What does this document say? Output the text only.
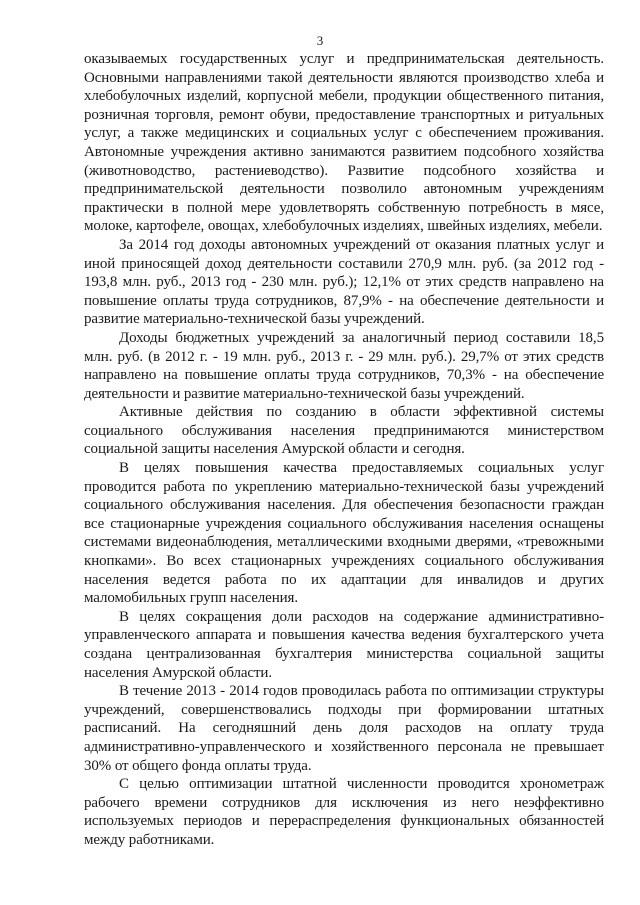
3

оказываемых государственных услуг и предпринимательская деятельность. Основными направлениями такой деятельности являются производство хлеба и хлебобулочных изделий, корпусной мебели, продукции общественного питания, розничная торговля, ремонт обуви, предоставление транспортных и ритуальных услуг, а также медицинских и социальных услуг с обеспечением проживания. Автономные учреждения активно занимаются развитием подсобного хозяйства (животноводство, растениеводство). Развитие подсобного хозяйства и предпринимательской деятельности позволило автономным учреждениям практически в полной мере удовлетворять собственную потребность в мясе, молоке, картофеле, овощах, хлебобулочных изделиях, швейных изделиях, мебели.

За 2014 год доходы автономных учреждений от оказания платных услуг и иной приносящей доход деятельности составили 270,9 млн. руб. (за 2012 год - 193,8 млн. руб., 2013 год - 230 млн. руб.); 12,1% от этих средств направлено на повышение оплаты труда сотрудников, 87,9% - на обеспечение деятельности и развитие материально-технической базы учреждений.

Доходы бюджетных учреждений за аналогичный период составили 18,5 млн. руб. (в 2012 г. - 19 млн. руб., 2013 г. - 29 млн. руб.). 29,7% от этих средств направлено на повышение оплаты труда сотрудников, 70,3% - на обеспечение деятельности и развитие материально-технической базы учреждений.

Активные действия по созданию в области эффективной системы социального обслуживания населения предпринимаются министерством социальной защиты населения Амурской области и сегодня.

В целях повышения качества предоставляемых социальных услуг проводится работа по укреплению материально-технической базы учреждений социального обслуживания населения. Для обеспечения безопасности граждан все стационарные учреждения социального обслуживания населения оснащены системами видеонаблюдения, металлическими входными дверями, «тревожными кнопками». Во всех стационарных учреждениях социального обслуживания населения ведется работа по их адаптации для инвалидов и других маломобильных групп населения.

В целях сокращения доли расходов на содержание административно-управленческого аппарата и повышения качества ведения бухгалтерского учета создана централизованная бухгалтерия министерства социальной защиты населения Амурской области.

В течение 2013 - 2014 годов проводилась работа по оптимизации структуры учреждений, совершенствовались подходы при формировании штатных расписаний. На сегодняшний день доля расходов на оплату труда административно-управленческого и хозяйственного персонала не превышает 30% от общего фонда оплаты труда.

С целью оптимизации штатной численности проводится хронометраж рабочего времени сотрудников для исключения из него неэффективно используемых периодов и перераспределения функциональных обязанностей между работниками.
